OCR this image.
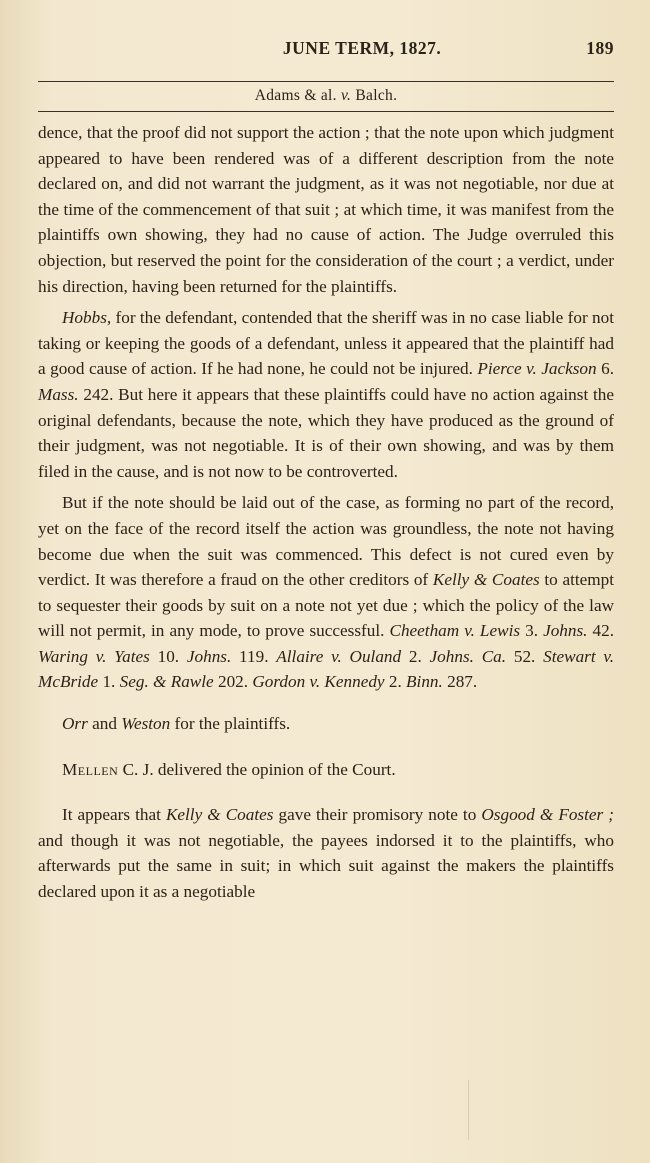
JUNE TERM, 1827.	189
Adams & al. v. Balch.

dence, that the proof did not support the action ; that the note upon which judgment appeared to have been rendered was of a different description from the note declared on, and did not warrant the judgment, as it was not negotiable, nor due at the time of the commencement of that suit ; at which time, it was manifest from the plaintiffs own showing, they had no cause of action. The Judge overruled this objection, but reserved the point for the consideration of the court ; a verdict, under his direction, having been returned for the plaintiffs.

Hobbs, for the defendant, contended that the sheriff was in no case liable for not taking or keeping the goods of a defendant, unless it appeared that the plaintiff had a good cause of action. If he had none, he could not be injured. Pierce v. Jackson 6. Mass. 242. But here it appears that these plaintiffs could have no action against the original defendants, because the note, which they have produced as the ground of their judgment, was not negotiable. It is of their own showing, and was by them filed in the cause, and is not now to be controverted.

But if the note should be laid out of the case, as forming no part of the record, yet on the face of the record itself the action was groundless, the note not having become due when the suit was commenced. This defect is not cured even by verdict. It was therefore a fraud on the other creditors of Kelly & Coates to attempt to sequester their goods by suit on a note not yet due ; which the policy of the law will not permit, in any mode, to prove successful. Cheetham v. Lewis 3. Johns. 42. Waring v. Yates 10. Johns. 119. Allaire v. Ouland 2. Johns. Ca. 52. Stewart v. McBride 1. Seg. & Rawle 202. Gordon v. Kennedy 2. Binn. 287.

Orr and Weston for the plaintiffs.

Mellen C. J. delivered the opinion of the Court.

It appears that Kelly & Coates gave their promisory note to Osgood & Foster ; and though it was not negotiable, the payees indorsed it to the plaintiffs, who afterwards put the same in suit; in which suit against the makers the plaintiffs declared upon it as a negotiable
